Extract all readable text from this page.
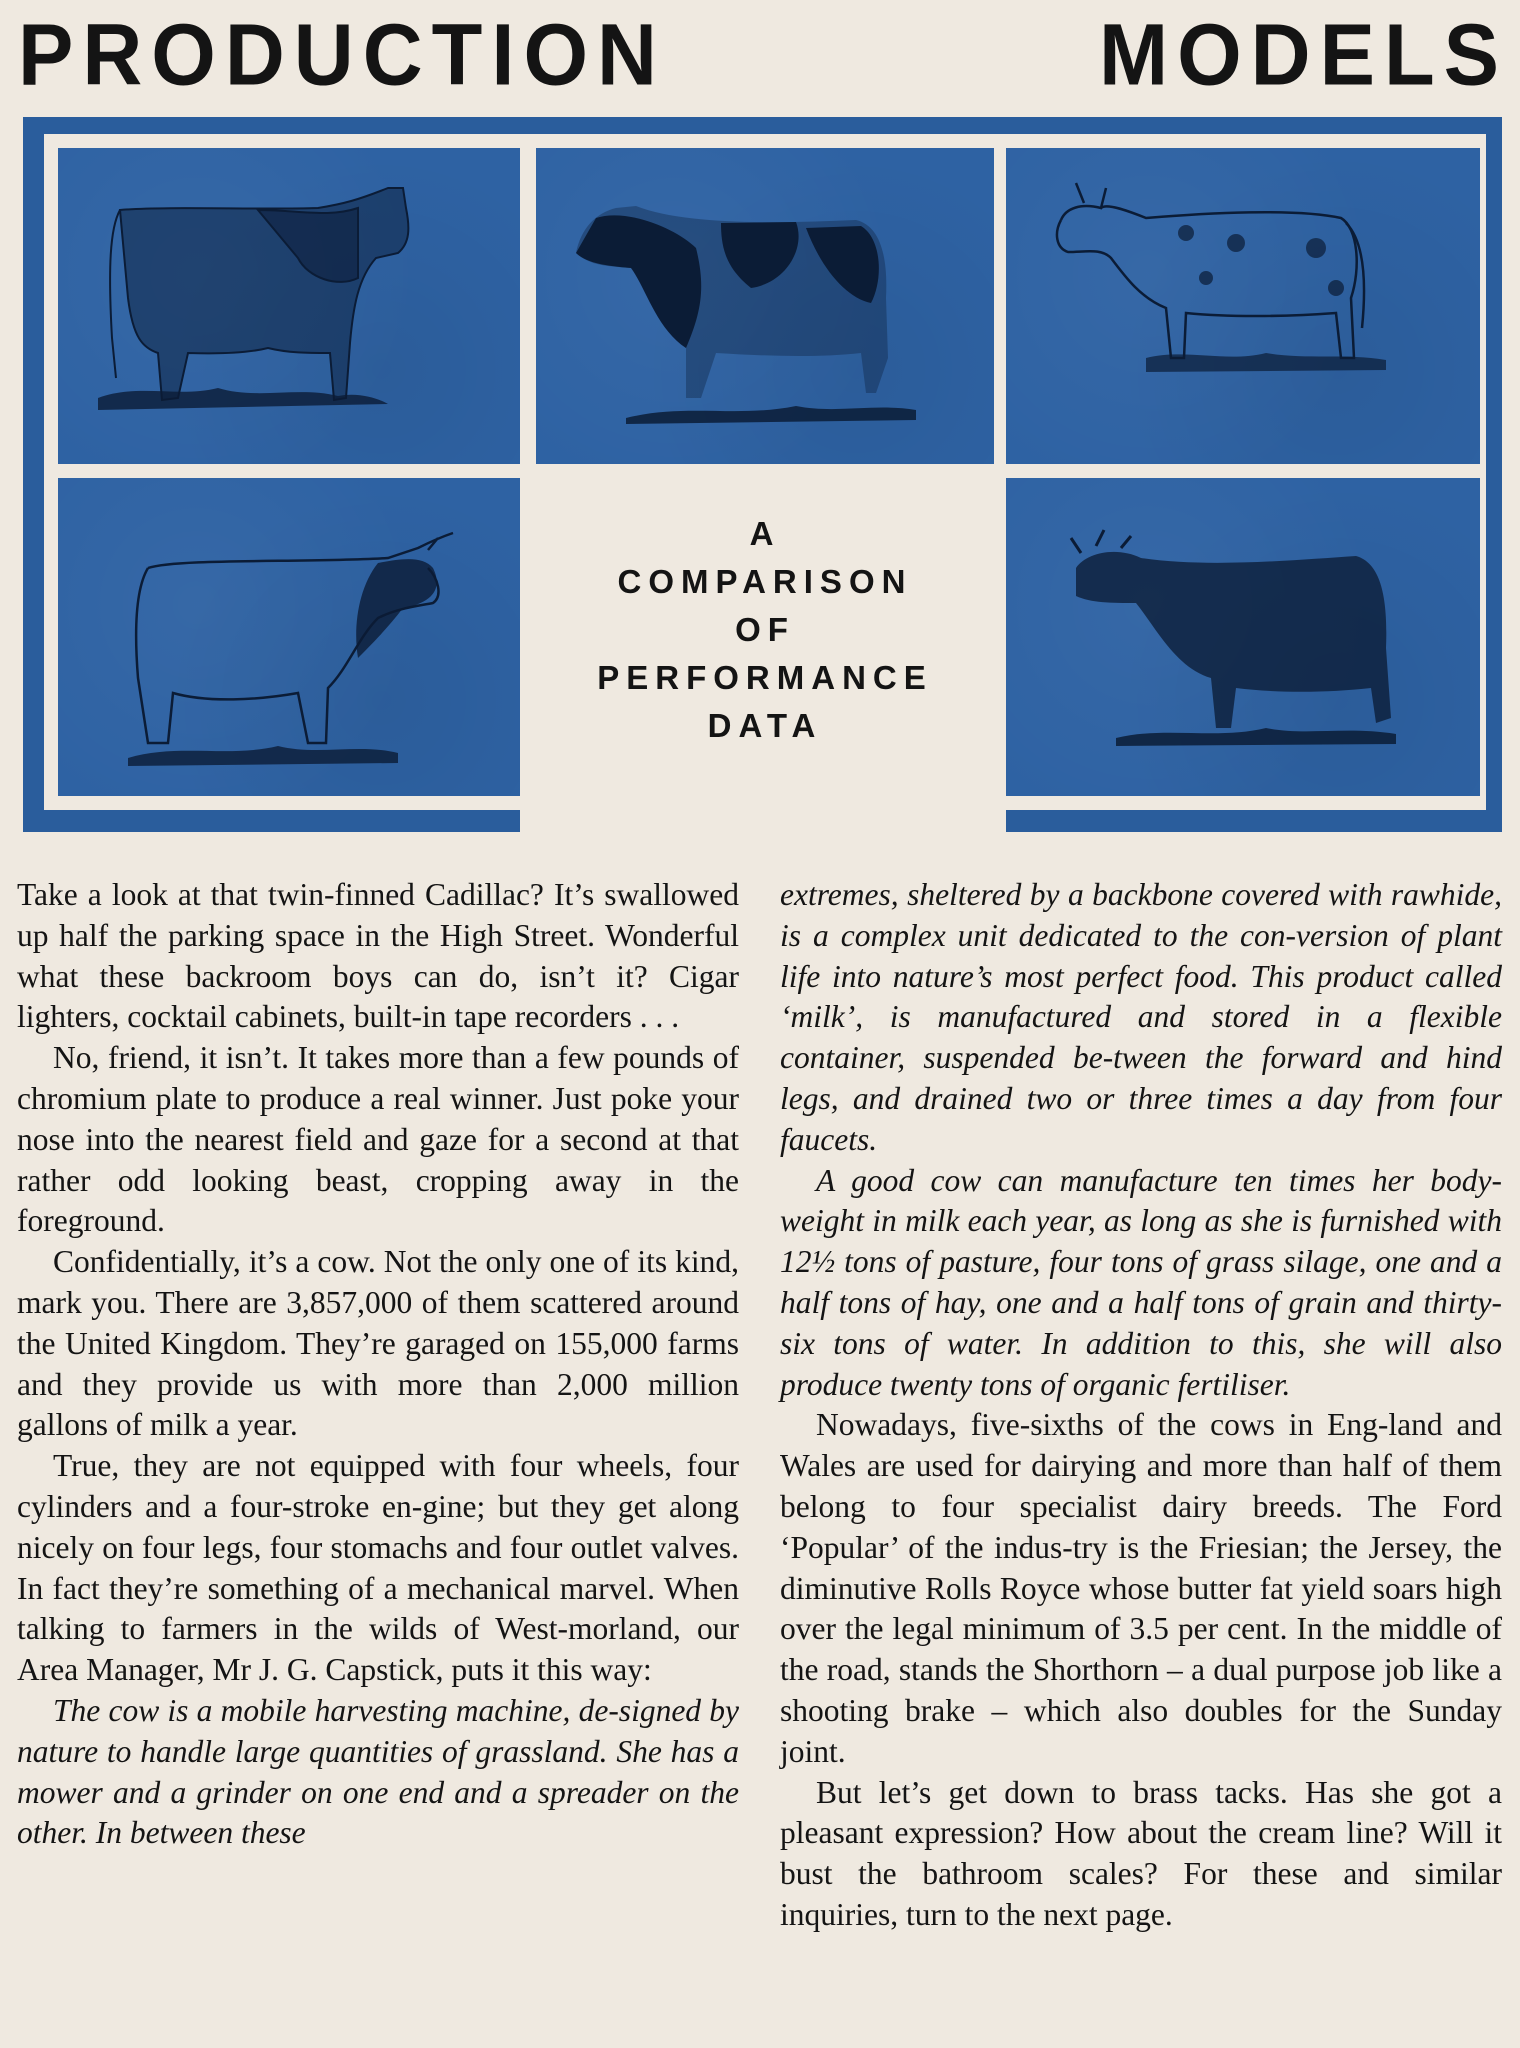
PRODUCTION	MODELS
A
COMPARISON
OF
PERFORMANCE
DATA

Take a look at that twin-finned Cadillac? It’s swallowed up half the parking space in the High Street. Wonderful what these backroom boys can do, isn’t it? Cigar lighters, cocktail cabinets, built-in tape recorders . . .

No, friend, it isn’t. It takes more than a few pounds of chromium plate to produce a real winner. Just poke your nose into the nearest field and gaze for a second at that rather odd looking beast, cropping away in the foreground.

Confidentially, it’s a cow. Not the only one of its kind, mark you. There are 3,857,000 of them scattered around the United Kingdom. They’re garaged on 155,000 farms and they provide us with more than 2,000 million gallons of milk a year.

True, they are not equipped with four wheels, four cylinders and a four-stroke en-gine; but they get along nicely on four legs, four stomachs and four outlet valves. In fact they’re something of a mechanical marvel. When talking to farmers in the wilds of West-morland, our Area Manager, Mr J. G. Capstick, puts it this way:

The cow is a mobile harvesting machine, de-signed by nature to handle large quantities of grassland. She has a mower and a grinder on one end and a spreader on the other. In between these

extremes, sheltered by a backbone covered with rawhide, is a complex unit dedicated to the con-version of plant life into nature’s most perfect food. This product called ‘milk’, is manufactured and stored in a flexible container, suspended be-tween the forward and hind legs, and drained two or three times a day from four faucets.

A good cow can manufacture ten times her body-weight in milk each year, as long as she is furnished with 12½ tons of pasture, four tons of grass silage, one and a half tons of hay, one and a half tons of grain and thirty-six tons of water. In addition to this, she will also produce twenty tons of organic fertiliser.

Nowadays, five-sixths of the cows in Eng-land and Wales are used for dairying and more than half of them belong to four specialist dairy breeds. The Ford ‘Popular’ of the indus-try is the Friesian; the Jersey, the diminutive Rolls Royce whose butter fat yield soars high over the legal minimum of 3.5 per cent. In the middle of the road, stands the Shorthorn – a dual purpose job like a shooting brake – which also doubles for the Sunday joint.

But let’s get down to brass tacks. Has she got a pleasant expression? How about the cream line? Will it bust the bathroom scales? For these and similar inquiries, turn to the next page.
